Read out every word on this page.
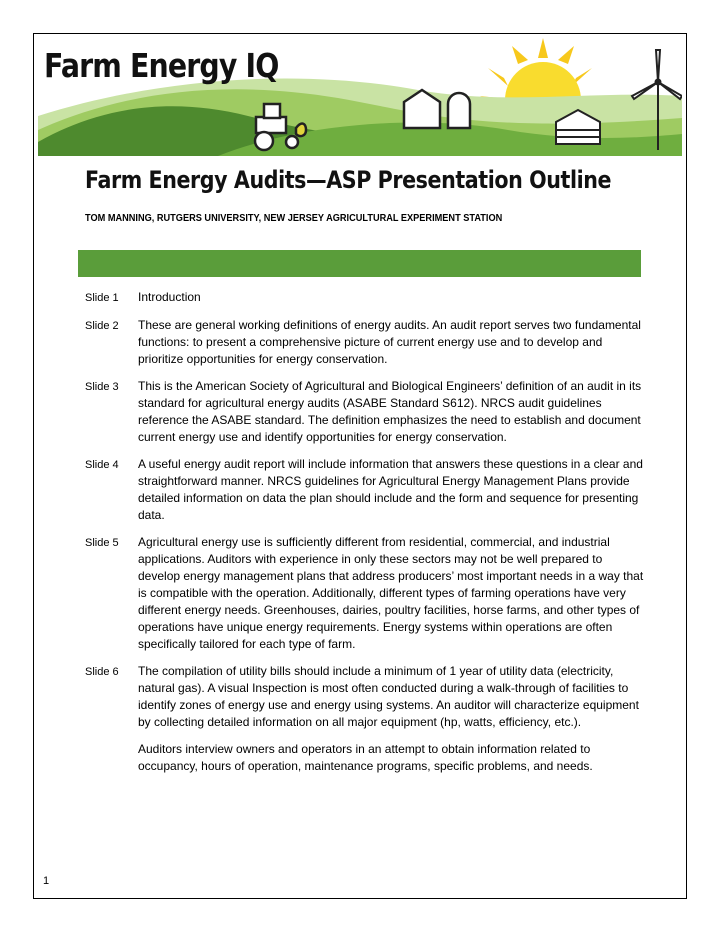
Farm Energy IQ
Farm Energy Audits—ASP Presentation Outline

TOM MANNING, RUTGERS UNIVERSITY, NEW JERSEY AGRICULTURAL EXPERIMENT STATION

Slide 1	Introduction

Slide 2	These are general working definitions of energy audits. An audit report serves two fundamental functions: to present a comprehensive picture of current energy use and to develop and prioritize opportunities for energy conservation.

Slide 3	This is the American Society of Agricultural and Biological Engineers’ definition of an audit in its standard for agricultural energy audits (ASABE Standard S612). NRCS audit guidelines reference the ASABE standard. The definition emphasizes the need to establish and document current energy use and identify opportunities for energy conservation.

Slide 4	A useful energy audit report will include information that answers these questions in a clear and straightforward manner. NRCS guidelines for Agricultural Energy Management Plans provide detailed information on data the plan should include and the form and sequence for presenting data.

Slide 5	Agricultural energy use is sufficiently different from residential, commercial, and industrial applications. Auditors with experience in only these sectors may not be well prepared to develop energy management plans that address producers’ most important needs in a way that is compatible with the operation. Additionally, different types of farming operations have very different energy needs. Greenhouses, dairies, poultry facilities, horse farms, and other types of operations have unique energy requirements. Energy systems within operations are often specifically tailored for each type of farm.

Slide 6	The compilation of utility bills should include a minimum of 1 year of utility data (electricity, natural gas). A visual Inspection is most often conducted during a walk-through of facilities to identify zones of energy use and energy using systems. An auditor will characterize equipment by collecting detailed information on all major equipment (hp, watts, efficiency, etc.).

Auditors interview owners and operators in an attempt to obtain information related to occupancy, hours of operation, maintenance programs, specific problems, and needs.

1
